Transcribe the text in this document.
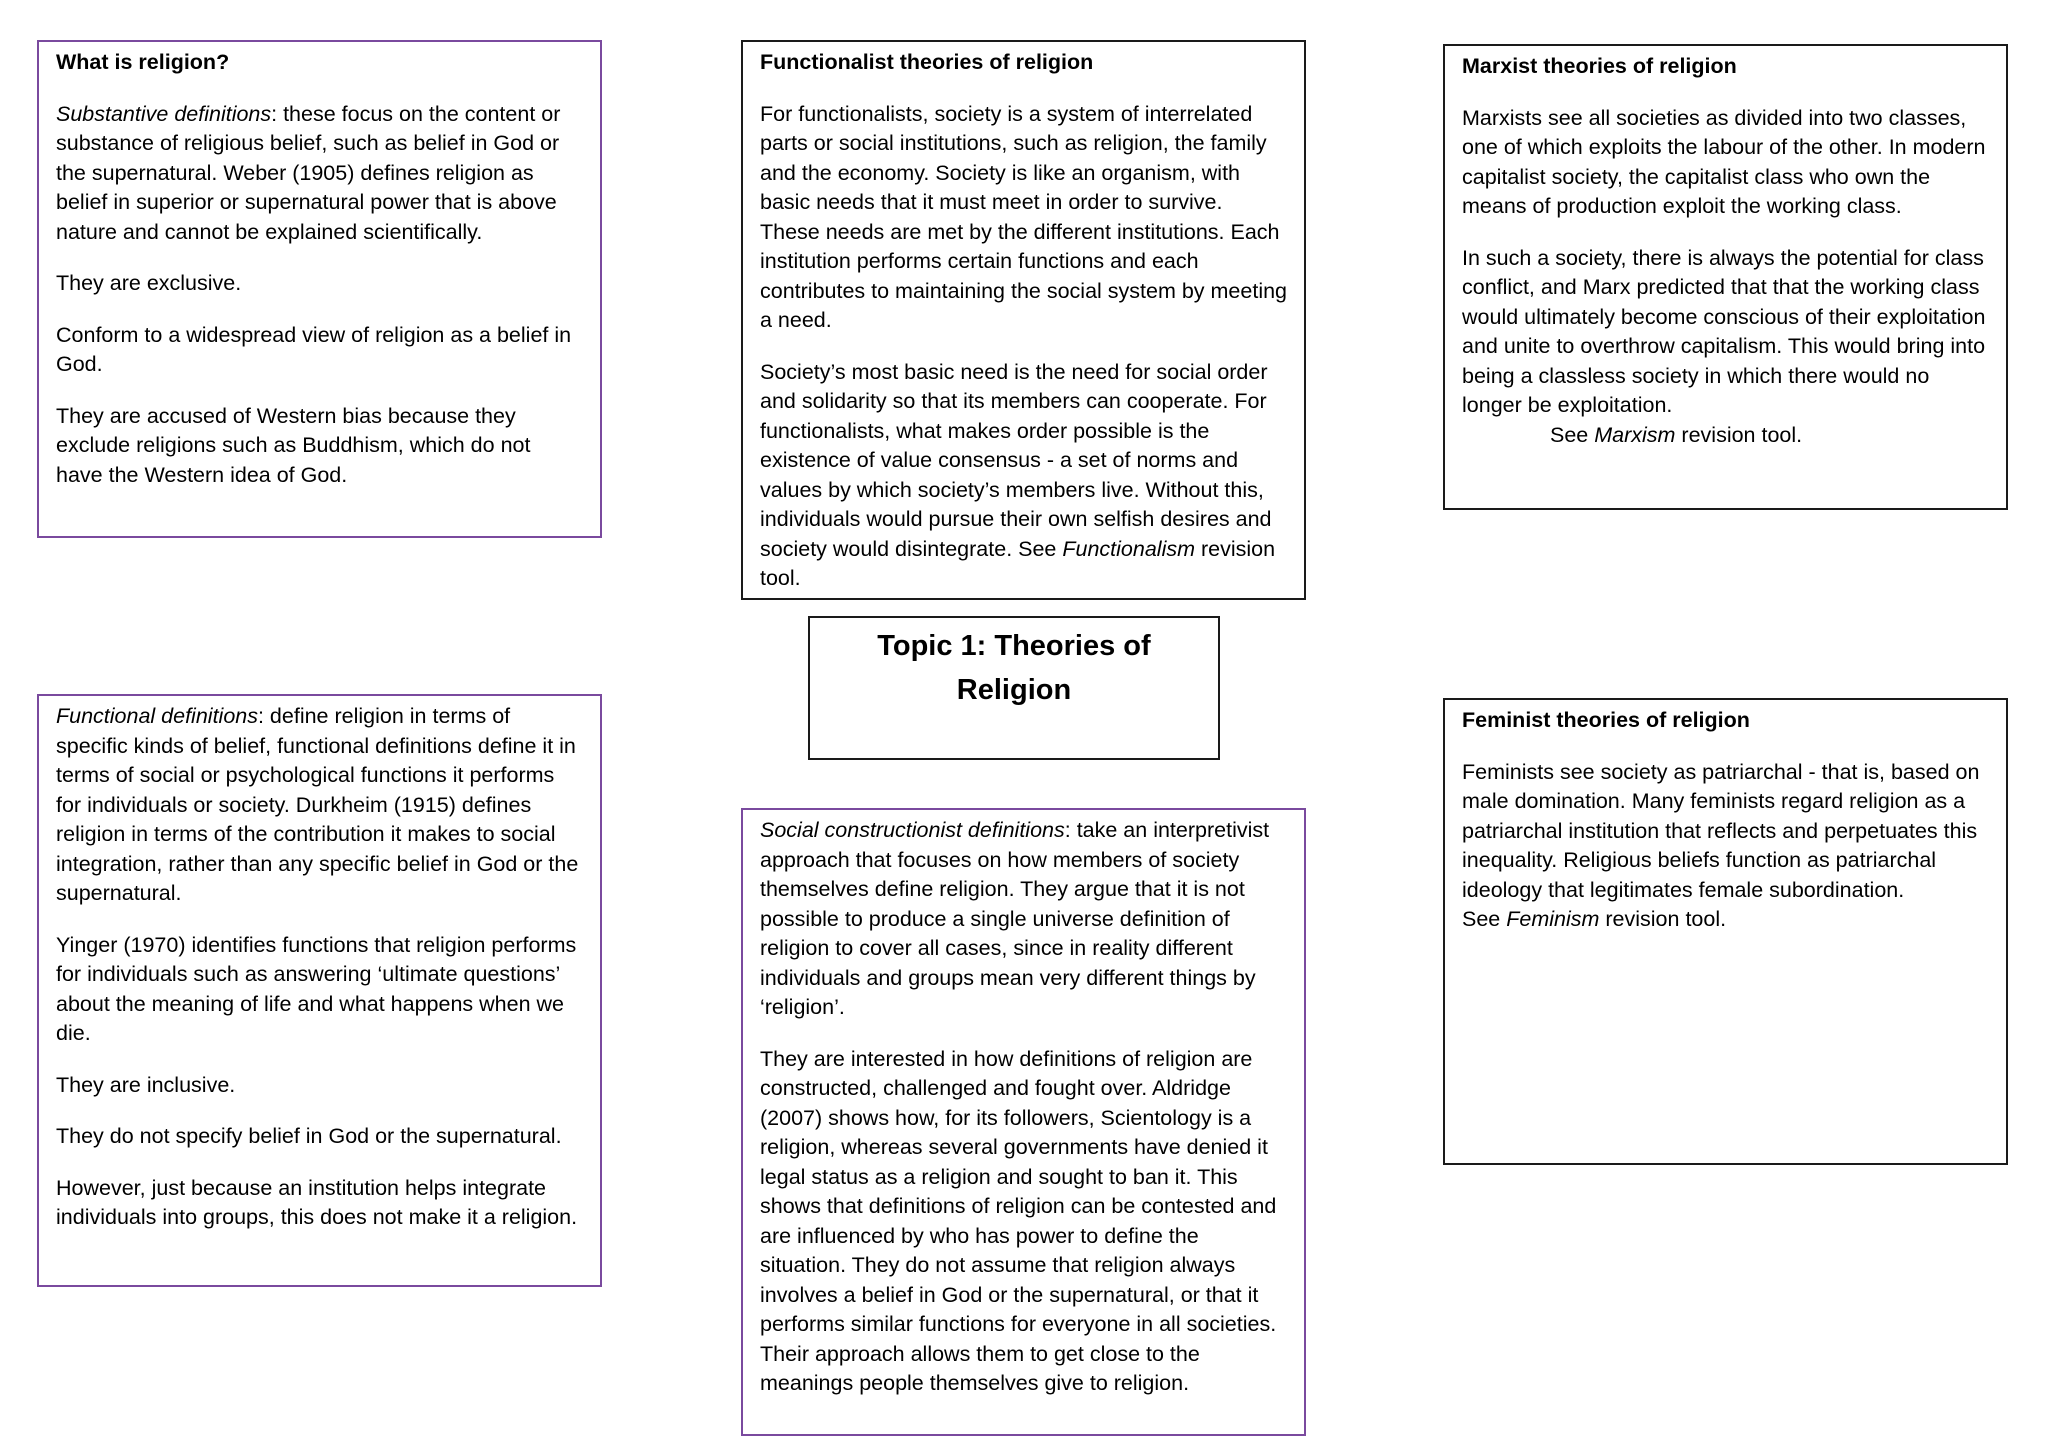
What is religion?

Substantive definitions: these focus on the content or substance of religious belief, such as belief in God or the supernatural. Weber (1905) defines religion as belief in superior or supernatural power that is above nature and cannot be explained scientifically.

They are exclusive.

Conform to a widespread view of religion as a belief in God.

They are accused of Western bias because they exclude religions such as Buddhism, which do not have the Western idea of God.

Functionalist theories of religion

For functionalists, society is a system of interrelated parts or social institutions, such as religion, the family and the economy. Society is like an organism, with basic needs that it must meet in order to survive. These needs are met by the different institutions. Each institution performs certain functions and each contributes to maintaining the social system by meeting a need.

Society’s most basic need is the need for social order and solidarity so that its members can cooperate. For functionalists, what makes order possible is the existence of value consensus - a set of norms and values by which society’s members live. Without this, individuals would pursue their own selfish desires and society would disintegrate. See Functionalism revision tool.

Marxist theories of religion

Marxists see all societies as divided into two classes, one of which exploits the labour of the other. In modern capitalist society, the capitalist class who own the means of production exploit the working class.

In such a society, there is always the potential for class conflict, and Marx predicted that that the working class would ultimately become conscious of their exploitation and unite to overthrow capitalism. This would bring into being a classless society in which there would no longer be exploitation.

See Marxism revision tool.
Topic 1: Theories of
Religion

Functional definitions: define religion in terms of specific kinds of belief, functional definitions define it in terms of social or psychological functions it performs for individuals or society. Durkheim (1915) defines religion in terms of the contribution it makes to social integration, rather than any specific belief in God or the supernatural.

Yinger (1970) identifies functions that religion performs for individuals such as answering ‘ultimate questions’ about the meaning of life and what happens when we die.

They are inclusive.

They do not specify belief in God or the supernatural.

However, just because an institution helps integrate individuals into groups, this does not make it a religion.

Social constructionist definitions: take an interpretivist approach that focuses on how members of society themselves define religion. They argue that it is not possible to produce a single universe definition of religion to cover all cases, since in reality different individuals and groups mean very different things by ‘religion’.

They are interested in how definitions of religion are constructed, challenged and fought over. Aldridge (2007) shows how, for its followers, Scientology is a religion, whereas several governments have denied it legal status as a religion and sought to ban it. This shows that definitions of religion can be contested and are influenced by who has power to define the situation. They do not assume that religion always involves a belief in God or the supernatural, or that it performs similar functions for everyone in all societies. Their approach allows them to get close to the meanings people themselves give to religion.

Feminist theories of religion

Feminists see society as patriarchal - that is, based on male domination. Many feminists regard religion as a patriarchal institution that reflects and perpetuates this inequality. Religious beliefs function as patriarchal ideology that legitimates female subordination.See Feminism revision tool.
